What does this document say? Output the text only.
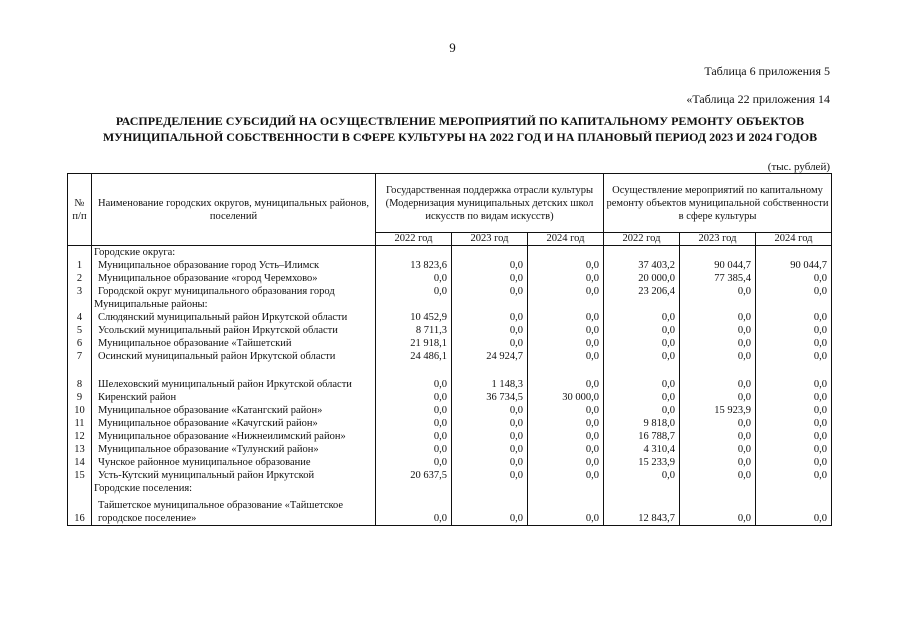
9
Таблица 6 приложения 5
«Таблица 22 приложения 14
РАСПРЕДЕЛЕНИЕ СУБСИДИЙ НА ОСУЩЕСТВЛЕНИЕ МЕРОПРИЯТИЙ ПО КАПИТАЛЬНОМУ РЕМОНТУ ОБЪЕКТОВ
МУНИЦИПАЛЬНОЙ СОБСТВЕННОСТИ В СФЕРЕ КУЛЬТУРЫ НА 2022 ГОД И НА ПЛАНОВЫЙ ПЕРИОД 2023 И 2024 ГОДОВ
(тыс. рублей)
№ п/п	Наименование городских округов, муниципальных районов, поселений	Государственная поддержка отрасли культуры (Модернизация муниципальных детских школ искусств по видам искусств)			Осуществление мероприятий по капитальному ремонту объектов муниципальной собственности в сфере культуры		
		2022 год	2023 год	2024 год	2022 год	2023 год	2024 год
	Городские округа:						
1	Муниципальное образование город Усть–Илимск	13 823,6	0,0	0,0	37 403,2	90 044,7	90 044,7
2	Муниципальное образование «город Черемхово»	0,0	0,0	0,0	20 000,0	77 385,4	0,0
3	Городской округ муниципального образования город	0,0	0,0	0,0	23 206,4	0,0	0,0
	Муниципальные районы:						
4	Слюдянский муниципальный район Иркутской области	10 452,9	0,0	0,0	0,0	0,0	0,0
5	Усольский муниципальный район Иркутской области	8 711,3	0,0	0,0	0,0	0,0	0,0
6	Муниципальное образование «Тайшетский	21 918,1	0,0	0,0	0,0	0,0	0,0
7	Осинский муниципальный район Иркутской области	24 486,1	24 924,7	0,0	0,0	0,0	0,0
8	Шелеховский муниципальный район Иркутской области	0,0	1 148,3	0,0	0,0	0,0	0,0
9	Киренский район	0,0	36 734,5	30 000,0	0,0	0,0	0,0
10	Муниципальное образование «Катангский район»	0,0	0,0	0,0	0,0	15 923,9	0,0
11	Муниципальное образование «Качугский район»	0,0	0,0	0,0	9 818,0	0,0	0,0
12	Муниципальное образование «Нижнеилимский район»	0,0	0,0	0,0	16 788,7	0,0	0,0
13	Муниципальное образование «Тулунский район»	0,0	0,0	0,0	4 310,4	0,0	0,0
14	Чунское районное муниципальное образование	0,0	0,0	0,0	15 233,9	0,0	0,0
15	Усть-Кутский муниципальный район Иркутской	20 637,5	0,0	0,0	0,0	0,0	0,0
	Городские поселения:						
16	Тайшетское муниципальное образование «Тайшетское городское поселение»	0,0	0,0	0,0	12 843,7	0,0	0,0
